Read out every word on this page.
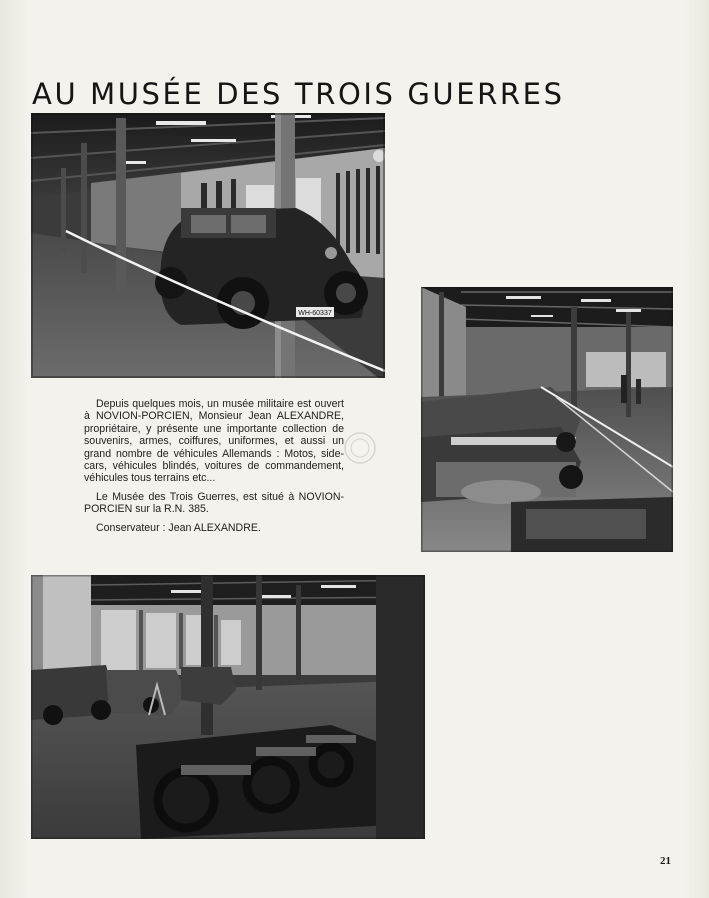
AU MUSÉE DES TROIS GUERRES
WH-60337

Depuis quelques mois, un musée militaire est ouvert à NOVION-PORCIEN, Monsieur Jean ALEXANDRE, propriétaire, y présente une importante collection de souvenirs, armes, coiffures, uniformes, et aussi un grand nombre de véhicules Allemands : Motos, side-cars, véhicules blindés, voitures de commandement, véhicules tous terrains etc...

Le Musée des Trois Guerres, est situé à NOVION-PORCIEN sur la R.N. 385.

Conservateur : Jean ALEXANDRE.

21
